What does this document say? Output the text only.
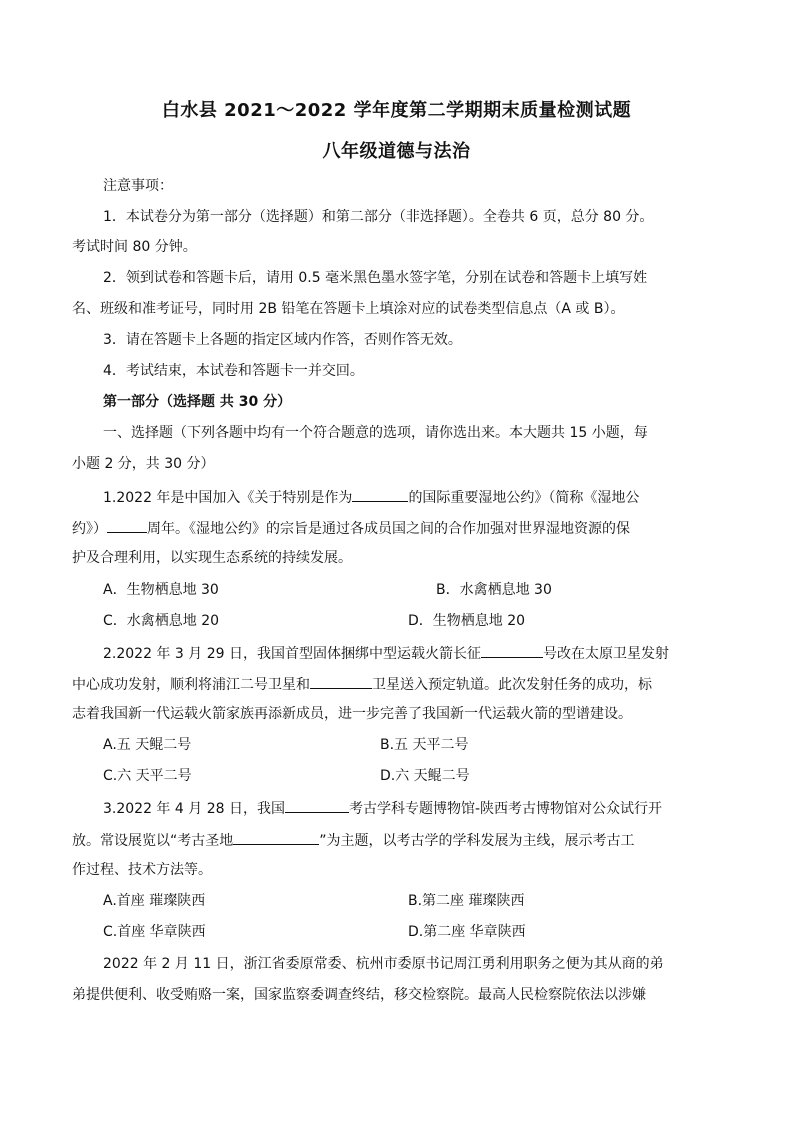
白水县 2021～2022 学年度第二学期期末质量检测试题
八年级道德与法治
注意事项：
1．本试卷分为第一部分（选择题）和第二部分（非选择题）。全卷共 6 页，总分 80 分。
考试时间 80 分钟。
2．领到试卷和答题卡后，请用 0.5 毫米黑色墨水签字笔，分别在试卷和答题卡上填写姓
名、班级和准考证号，同时用 2B 铅笔在答题卡上填涂对应的试卷类型信息点（A 或 B）。
3．请在答题卡上各题的指定区域内作答，否则作答无效。
4．考试结束，本试卷和答题卡一并交回。
第一部分（选择题 共 30 分）
一、选择题（下列各题中均有一个符合题意的选项，请你选出来。本大题共 15 小题，每
小题 2 分，共 30 分）
1.2022 年是中国加入《关于特别是作为	的国际重要湿地公约》（简称《湿地公
约》）	周年。《湿地公约》的宗旨是通过各成员国之间的合作加强对世界湿地资源的保
护及合理利用，以实现生态系统的持续发展。
A．生物栖息地 30	B．水禽栖息地 30
C．水禽栖息地 20	D．生物栖息地 20
2.2022 年 3 月 29 日，我国首型固体捆绑中型运载火箭长征	号改在太原卫星发射
中心成功发射，顺利将浦江二号卫星和	卫星送入预定轨道。此次发射任务的成功，标
志着我国新一代运载火箭家族再添新成员，进一步完善了我国新一代运载火箭的型谱建设。
A.五 天鲲二号	B.五 天平二号
C.六 天平二号	D.六 天鲲二号
3.2022 年 4 月 28 日，我国	考古学科专题博物馆-陕西考古博物馆对公众试行开
放。常设展览以“考古圣地	”为主题，以考古学的学科发展为主线，展示考古工
作过程、技术方法等。
A.首座 璀璨陕西	B.第二座 璀璨陕西
C.首座 华章陕西	D.第二座 华章陕西
2022 年 2 月 11 日，浙江省委原常委、杭州市委原书记周江勇利用职务之便为其从商的弟
弟提供便利、收受贿赂一案，国家监察委调查终结，移交检察院。最高人民检察院依法以涉嫌
